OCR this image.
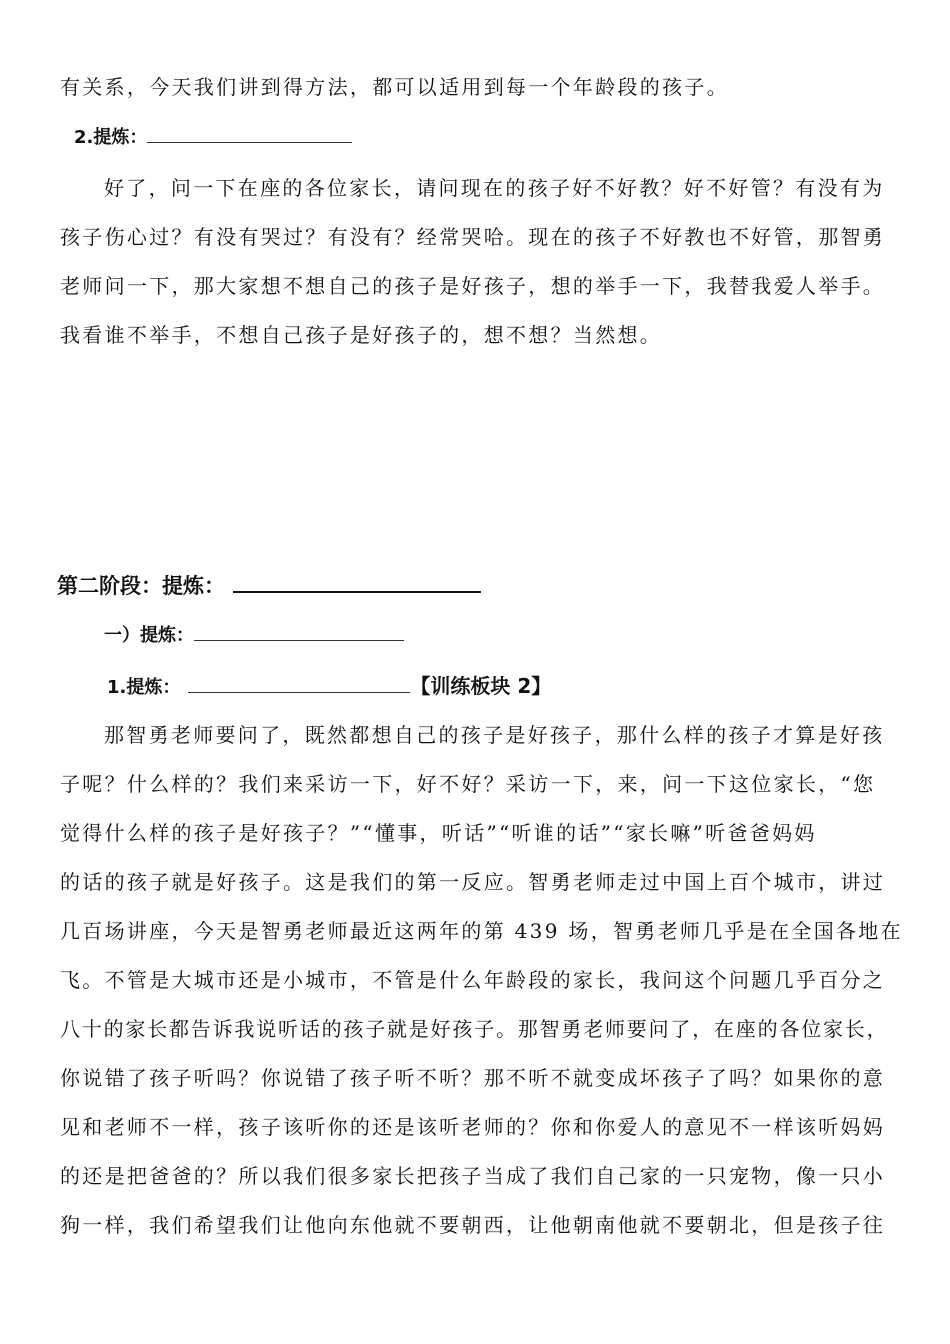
有关系，今天我们讲到得方法，都可以适用到每一个年龄段的孩子。
2.提炼：
好了，问一下在座的各位家长，请问现在的孩子好不好教？好不好管？有没有为
孩子伤心过？有没有哭过？有没有？经常哭哈。现在的孩子不好教也不好管，那智勇
老师问一下，那大家想不想自己的孩子是好孩子，想的举手一下，我替我爱人举手。
我看谁不举手，不想自己孩子是好孩子的，想不想？当然想。
第二阶段：提炼：
一）提炼：
1.提炼：	【训练板块 2】
那智勇老师要问了，既然都想自己的孩子是好孩子，那什么样的孩子才算是好孩
子呢？什么样的？我们来采访一下，好不好？采访一下，来，问一下这位家长，“您
觉得什么样的孩子是好孩子？”“懂事，听话”“听谁的话”“家长嘛”听爸爸妈妈
的话的孩子就是好孩子。这是我们的第一反应。智勇老师走过中国上百个城市，讲过
几百场讲座，今天是智勇老师最近这两年的第 439 场，智勇老师几乎是在全国各地在
飞。不管是大城市还是小城市，不管是什么年龄段的家长，我问这个问题几乎百分之
八十的家长都告诉我说听话的孩子就是好孩子。那智勇老师要问了，在座的各位家长，
你说错了孩子听吗？你说错了孩子听不听？那不听不就变成坏孩子了吗？如果你的意
见和老师不一样，孩子该听你的还是该听老师的？你和你爱人的意见不一样该听妈妈
的还是把爸爸的？所以我们很多家长把孩子当成了我们自己家的一只宠物，像一只小
狗一样，我们希望我们让他向东他就不要朝西，让他朝南他就不要朝北，但是孩子往
